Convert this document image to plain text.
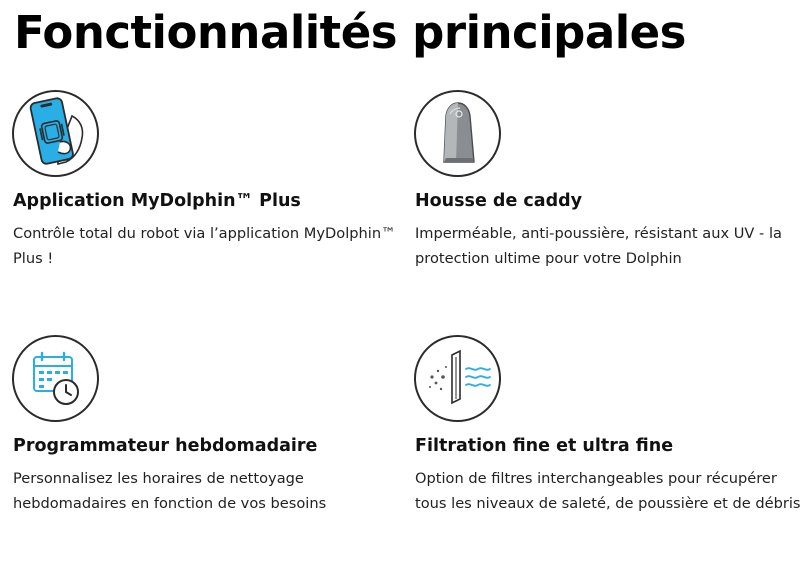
Fonctionnalités principales
Application MyDolphin™ Plus
Contrôle total du robot via l’application MyDolphin™ Plus !
Housse de caddy
Imperméable, anti-poussière, résistant aux UV - la protection ultime pour votre Dolphin
Programmateur hebdomadaire
Personnalisez les horaires de nettoyage hebdomadaires en fonction de vos besoins
Filtration fine et ultra fine
Option de filtres interchangeables pour récupérer tous les niveaux de saleté, de poussière et de débris
